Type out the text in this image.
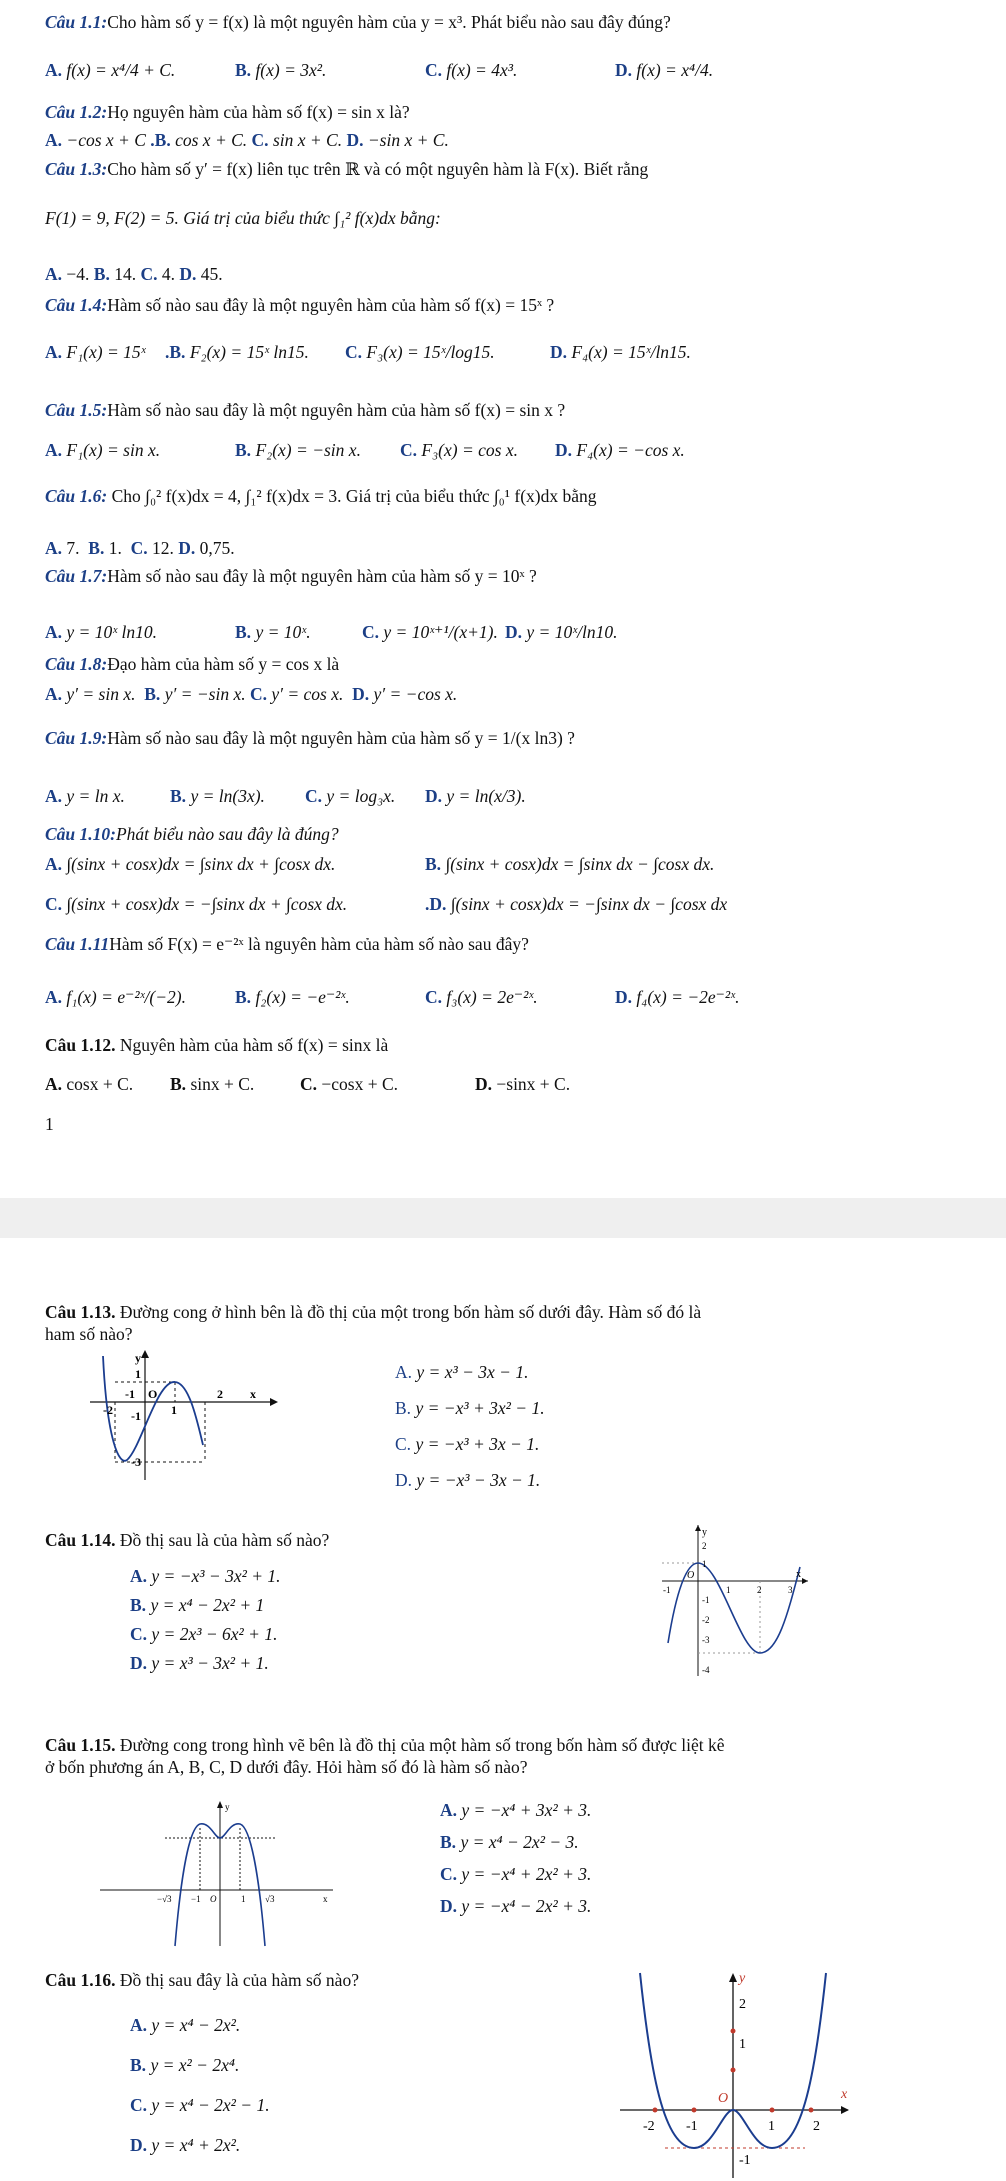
Câu 1.1:Cho hàm số y = f(x) là một nguyên hàm của y = x³. Phát biểu nào sau đây đúng?
A. f(x) = x⁴/4 + C.	B. f(x) = 3x².	C. f(x) = 4x³.	D. f(x) = x⁴/4.
Câu 1.2:Họ nguyên hàm của hàm số f(x) = sin x là?
A. −cos x + C .B. cos x + C. C. sin x + C. D. −sin x + C.
Câu 1.3:Cho hàm số y′ = f(x) liên tục trên ℝ và có một nguyên hàm là F(x). Biết rằng
F(1) = 9, F(2) = 5. Giá trị của biểu thức ∫₁² f(x)dx bằng:
A. −4. B. 14. C. 4. D. 45.
Câu 1.4:Hàm số nào sau đây là một nguyên hàm của hàm số f(x) = 15ˣ ?
A. F₁(x) = 15ˣ .B. F₂(x) = 15ˣ ln15. C. F₃(x) = 15ˣ/log15.	D. F₄(x) = 15ˣ/ln15.
Câu 1.5:Hàm số nào sau đây là một nguyên hàm của hàm số f(x) = sin x ?
A. F₁(x) = sin x.	B. F₂(x) = −sin x. C. F₃(x) = cos x. D. F₄(x) = −cos x.
Câu 1.6: Cho ∫₀² f(x)dx = 4, ∫₁² f(x)dx = 3. Giá trị của biểu thức ∫₀¹ f(x)dx bằng
A. 7. B. 1. C. 12. D. 0,75.
Câu 1.7:Hàm số nào sau đây là một nguyên hàm của hàm số y = 10ˣ ?
A. y = 10ˣ ln10.	B. y = 10ˣ.	C. y = 10ˣ⁺¹/(x+1). D. y = 10ˣ/ln10.
Câu 1.8:Đạo hàm của hàm số y = cos x là
A. y′ = sin x. B. y′ = −sin x. C. y′ = cos x. D. y′ = −cos x.
Câu 1.9:Hàm số nào sau đây là một nguyên hàm của hàm số y = 1/(x ln3) ?
A. y = ln x.	B. y = ln(3x). C. y = log₃x. D. y = ln(x/3).
Câu 1.10:Phát biểu nào sau đây là đúng?
A. ∫(sinx + cosx)dx = ∫sinx dx + ∫cosx dx.	B. ∫(sinx + cosx)dx = ∫sinx dx − ∫cosx dx.
C. ∫(sinx + cosx)dx = −∫sinx dx + ∫cosx dx.	.D. ∫(sinx + cosx)dx = −∫sinx dx − ∫cosx dx
Câu 1.11Hàm số F(x) = e⁻²ˣ là nguyên hàm của hàm số nào sau đây?
A. f₁(x) = e⁻²ˣ/(−2).	B. f₂(x) = −e⁻²ˣ.	C. f₃(x) = 2e⁻²ˣ.	D. f₄(x) = −2e⁻²ˣ.
Câu 1.12. Nguyên hàm của hàm số f(x) = sinx là
A. cosx + C. B. sinx + C.	C. −cosx + C.	D. −sinx + C.
1
Câu 1.13. Đường cong ở hình bên là đồ thị của một trong bốn hàm số dưới đây. Hàm số đó là
ham số nào?
y
x
O
-2
-1
1
2
1
-1
-3
A. y = x³ − 3x − 1.
B. y = −x³ + 3x² − 1.
C. y = −x³ + 3x − 1.
D. y = −x³ − 3x − 1.
Câu 1.14. Đồ thị sau là của hàm số nào?
A. y = −x³ − 3x² + 1.
B. y = x⁴ − 2x² + 1
C. y = 2x³ − 6x² + 1.
D. y = x³ − 3x² + 1.
y
x
O
-1	1	2	3
2
1
-1
-2
-3
-4
Câu 1.15. Đường cong trong hình vẽ bên là đồ thị của một hàm số trong bốn hàm số được liệt kê
ở bốn phương án A, B, C, D dưới đây. Hỏi hàm số đó là hàm số nào?
y
x
O
−√3 −1	1 √3
A. y = −x⁴ + 3x² + 3.
B. y = x⁴ − 2x² − 3.
C. y = −x⁴ + 2x² + 3.
D. y = −x⁴ − 2x² + 3.
Câu 1.16. Đồ thị sau đây là của hàm số nào?
A. y = x⁴ − 2x².
B. y = x² − 2x⁴.
C. y = x⁴ − 2x² − 1.
D. y = x⁴ + 2x².
y
x
O
-2 -1	1	2
2
1
-1
